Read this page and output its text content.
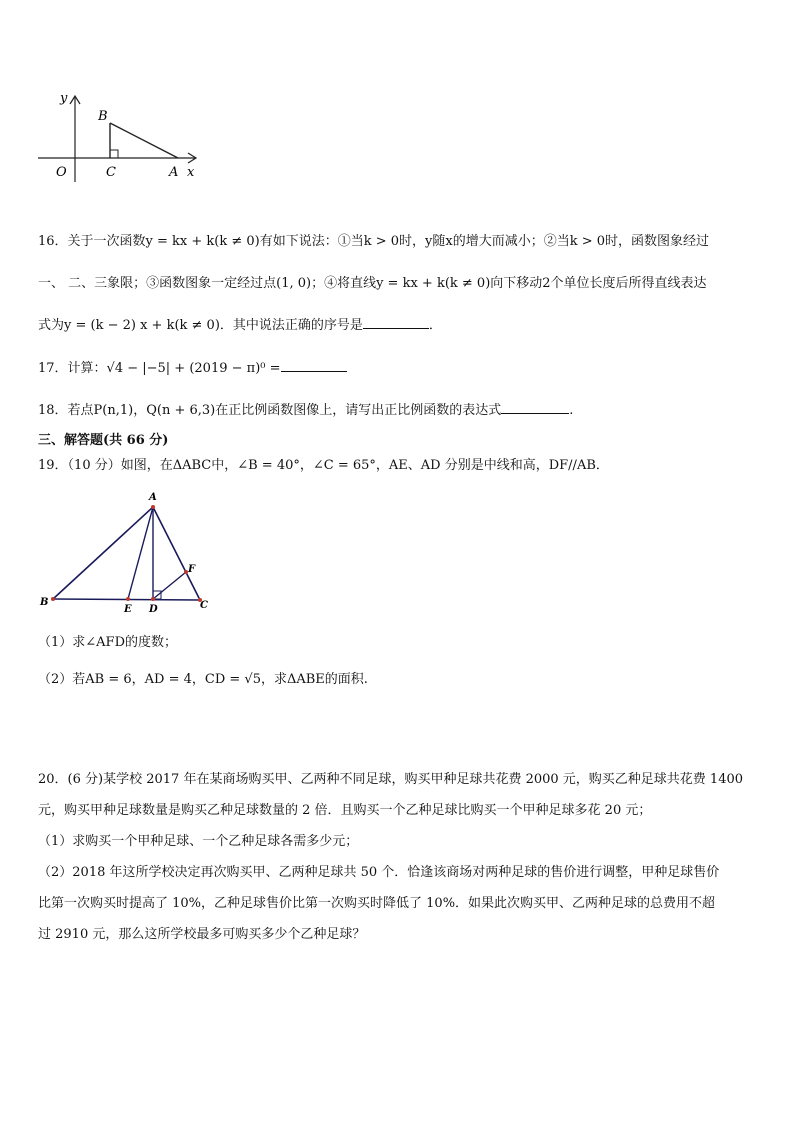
y
B
O	C	A x
16．关于一次函数y = kx + k(k ≠ 0)有如下说法：①当k > 0时，y随x的增大而减小；②当k > 0时，函数图象经过
一、 二、三象限；③函数图象一定经过点(1, 0)；④将直线y = kx + k(k ≠ 0)向下移动2个单位长度后所得直线表达
式为y = (k − 2) x + k(k ≠ 0)．其中说法正确的序号是	．
17．计算：√4 − |−5| + (2019 − π)⁰ =
18．若点P(n,1)，Q(n + 6,3)在正比例函数图像上，请写出正比例函数的表达式	.
三、解答题(共 66 分)
19．（10 分）如图，在ΔABC中，∠B = 40°，∠C = 65°，AE、AD 分别是中线和高，DF//AB．
A
B	C
D
E
F
（1）求∠AFD的度数；
（2）若AB = 6，AD = 4，CD = √5，求ΔABE的面积.
20．(6 分)某学校 2017 年在某商场购买甲、乙两种不同足球，购买甲种足球共花费 2000 元，购买乙种足球共花费 1400
元，购买甲种足球数量是购买乙种足球数量的 2 倍．且购买一个乙种足球比购买一个甲种足球多花 20 元；
（1）求购买一个甲种足球、一个乙种足球各需多少元；
（2）2018 年这所学校决定再次购买甲、乙两种足球共 50 个．恰逢该商场对两种足球的售价进行调整，甲种足球售价
比第一次购买时提高了 10%，乙种足球售价比第一次购买时降低了 10%．如果此次购买甲、乙两种足球的总费用不超
过 2910 元，那么这所学校最多可购买多少个乙种足球？
